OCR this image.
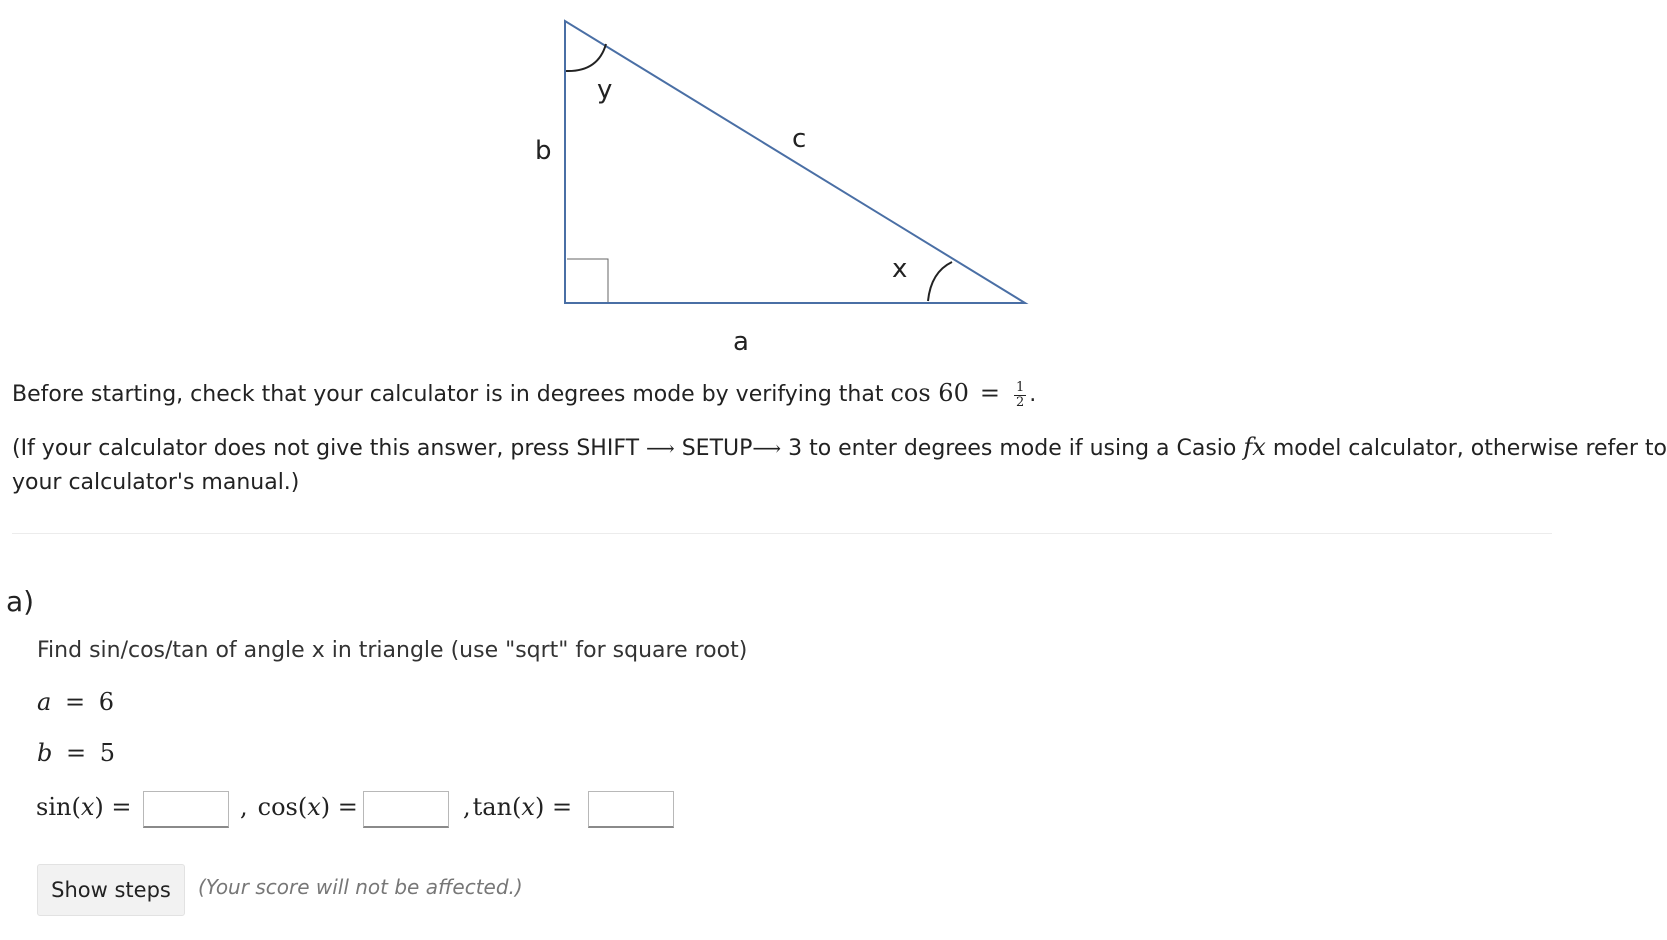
b
y
c
x
a
Before starting, check that your calculator is in degrees mode by verifying that $\cos 60 = \frac{1}{2}$ .
(If your calculator does not give this answer, press SHIFT ⟶ SETUP⟶ 3 to enter degrees mode if using a Casio fx model calculator, otherwise refer to
your calculator's manual.)
a)
Find sin/cos/tan of angle x in triangle (use "sqrt" for square root)
a = 6
b = 5
sin(x) =	, cos(x) =	,tan(x) =
Show steps	(Your score will not be affected.)
